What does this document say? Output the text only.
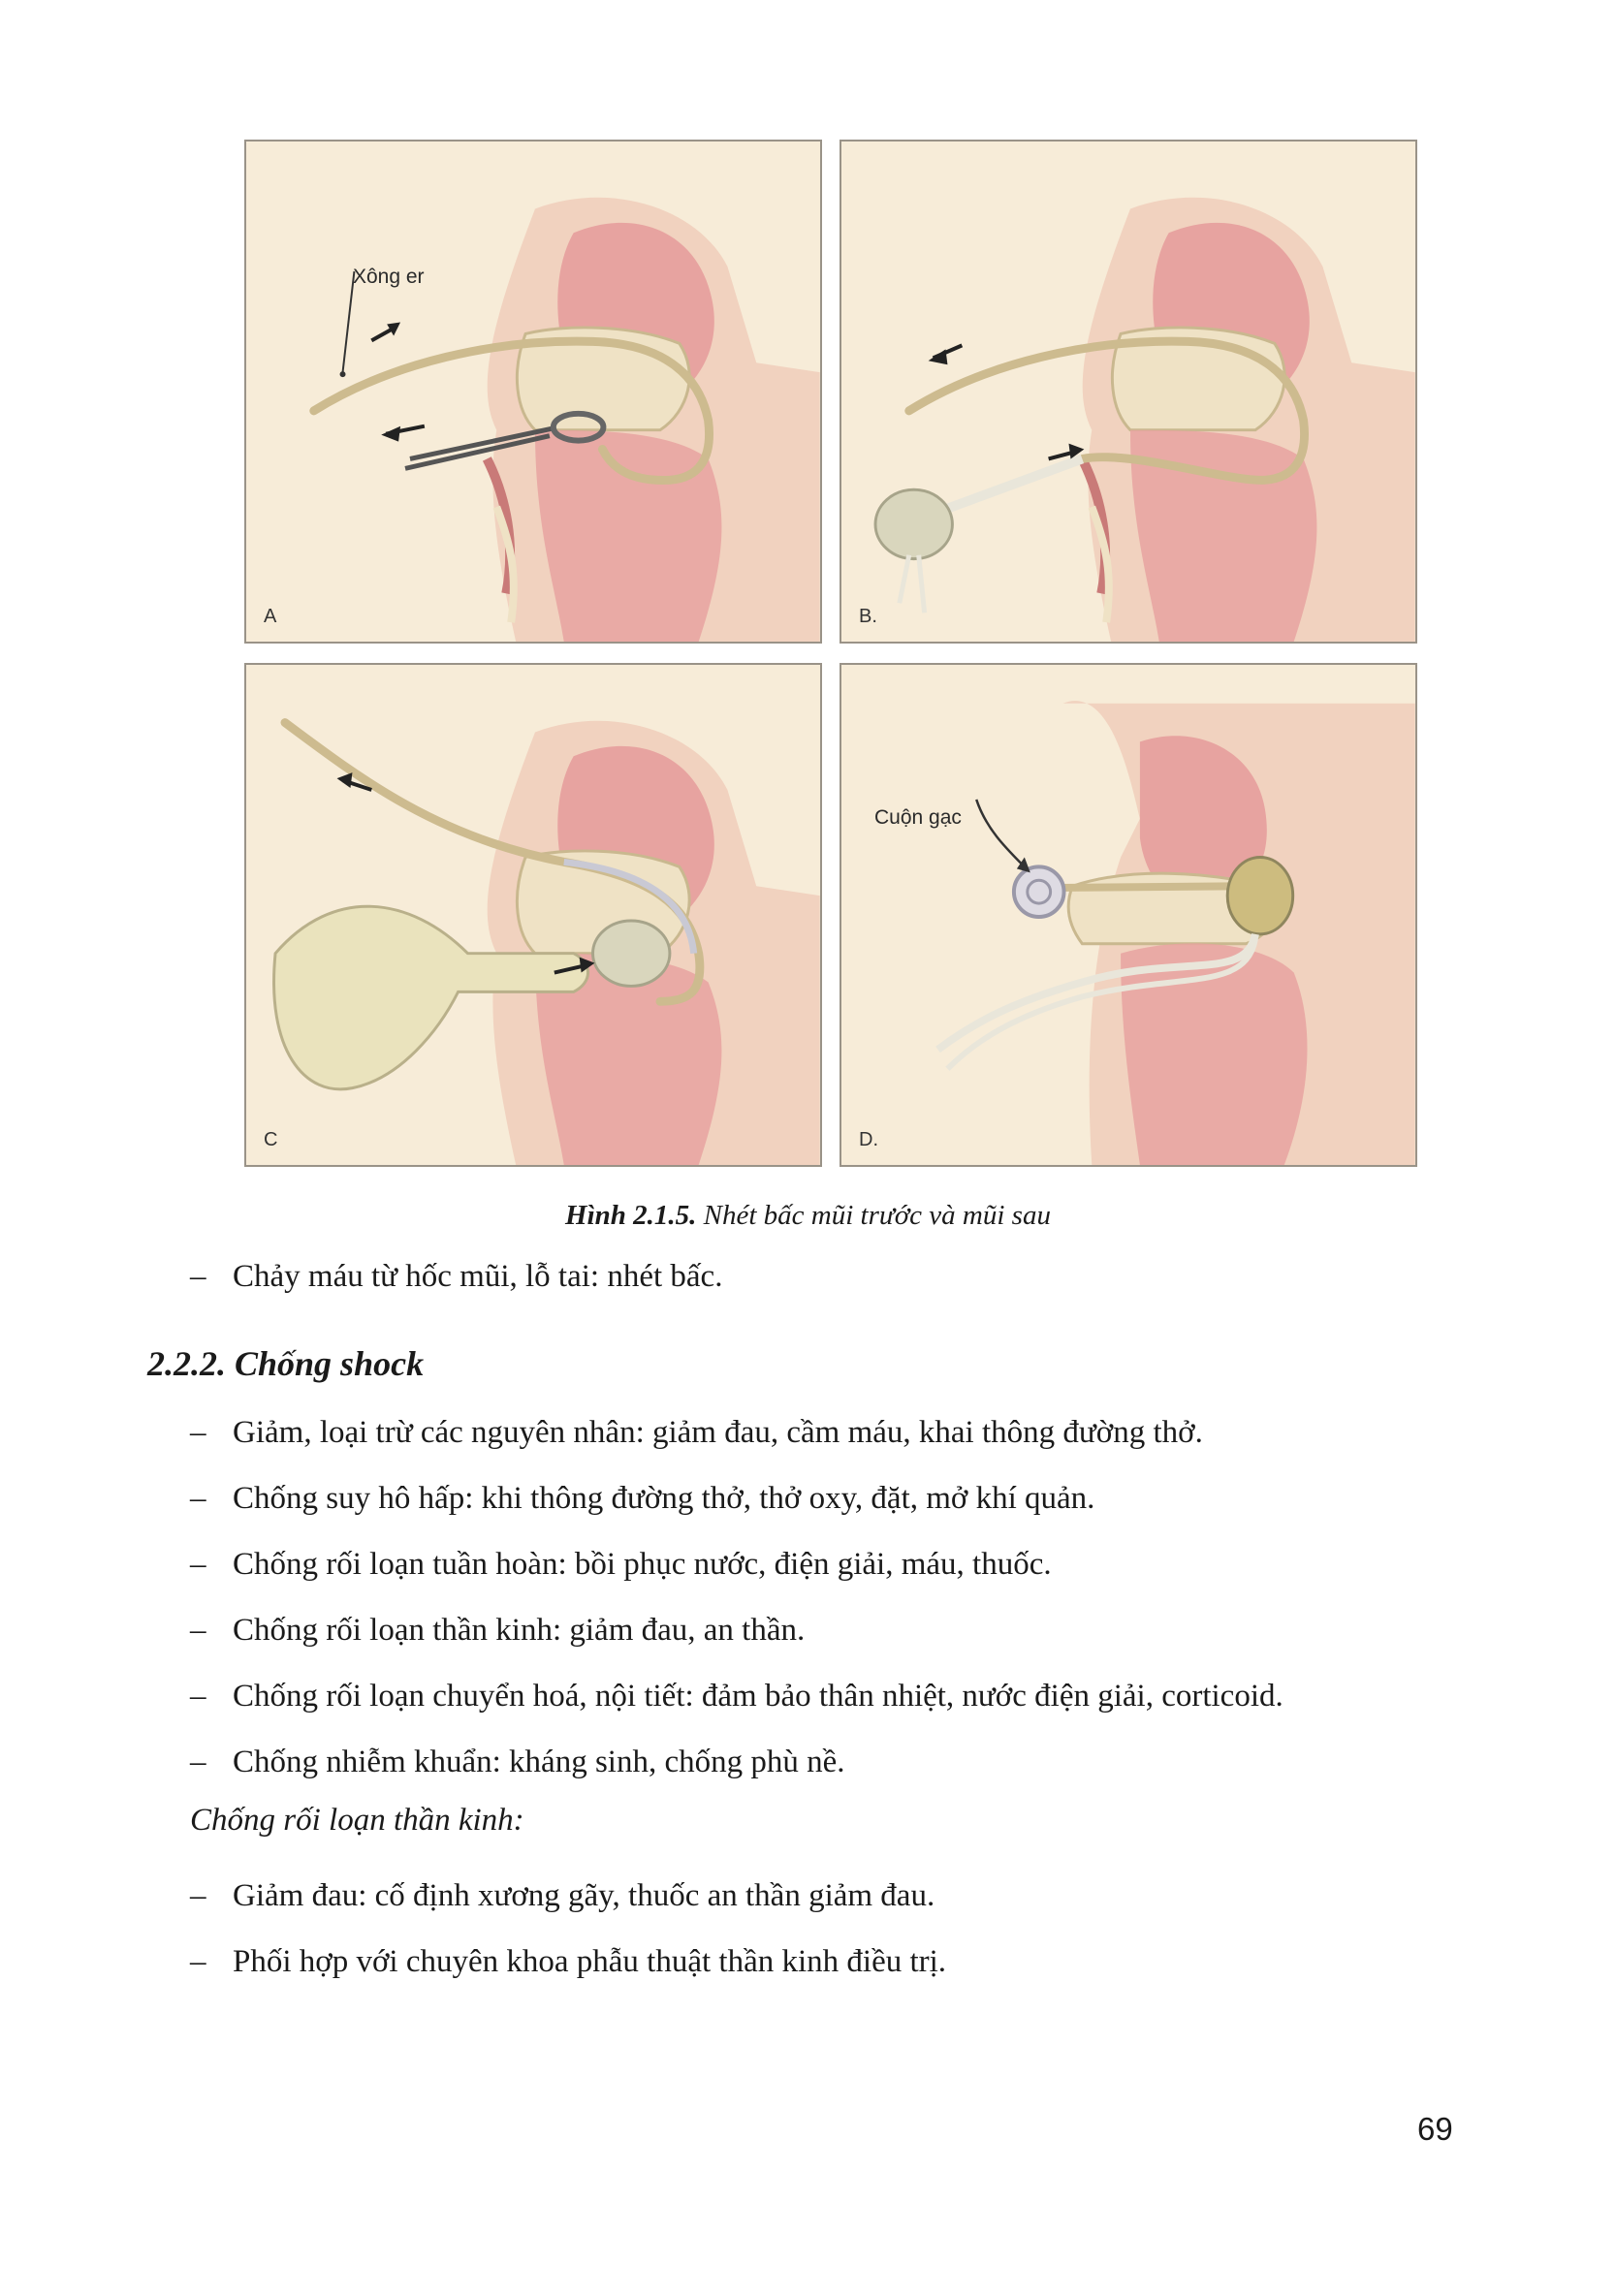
Xông er
A	B.
C
Cuộn gạc
D.
Hình 2.1.5. Nhét bấc mũi trước và mũi sau
– Chảy máu từ hốc mũi, lỗ tai: nhét bấc.
2.2.2. Chống shock
– Giảm, loại trừ các nguyên nhân: giảm đau, cầm máu, khai thông đường thở.
– Chống suy hô hấp: khi thông đường thở, thở oxy, đặt, mở khí quản.
– Chống rối loạn tuần hoàn: bồi phục nước, điện giải, máu, thuốc.
– Chống rối loạn thần kinh: giảm đau, an thần.
– Chống rối loạn chuyển hoá, nội tiết: đảm bảo thân nhiệt, nước điện giải, corticoid.
– Chống nhiễm khuẩn: kháng sinh, chống phù nề.
Chống rối loạn thần kinh:
– Giảm đau: cố định xương gãy, thuốc an thần giảm đau.
– Phối hợp với chuyên khoa phẫu thuật thần kinh điều trị.
69
